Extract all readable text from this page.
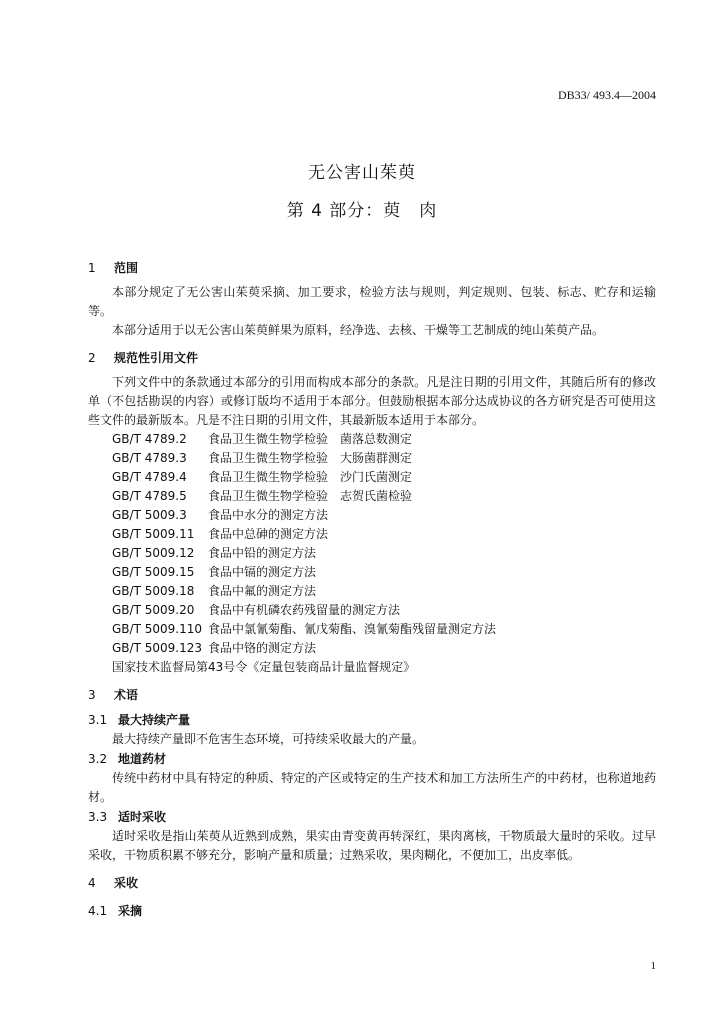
DB33/ 493.4—2004
无公害山茱萸
第 4 部分：萸　肉
1 范围

本部分规定了无公害山茱萸采摘、加工要求，检验方法与规则，判定规则、包装、标志、贮存和运输等。

本部分适用于以无公害山茱萸鲜果为原料，经净选、去核、干燥等工艺制成的纯山茱萸产品。

2 规范性引用文件

下列文件中的条款通过本部分的引用而构成本部分的条款。凡是注日期的引用文件，其随后所有的修改单（不包括勘误的内容）或修订版均不适用于本部分。但鼓励根据本部分达成协议的各方研究是否可使用这些文件的最新版本。凡是不注日期的引用文件，其最新版本适用于本部分。

GB/T 4789.2 食品卫生微生物学检验　菌落总数测定
GB/T 4789.3 食品卫生微生物学检验　大肠菌群测定
GB/T 4789.4 食品卫生微生物学检验　沙门氏菌测定
GB/T 4789.5 食品卫生微生物学检验　志贺氏菌检验
GB/T 5009.3 食品中水分的测定方法
GB/T 5009.11 食品中总砷的测定方法
GB/T 5009.12 食品中铅的测定方法
GB/T 5009.15 食品中镉的测定方法
GB/T 5009.18 食品中氟的测定方法
GB/T 5009.20 食品中有机磷农药残留量的测定方法
GB/T 5009.110 食品中氯氰菊酯、氰戊菊酯、溴氰菊酯残留量测定方法
GB/T 5009.123 食品中铬的测定方法
国家技术监督局第43号令《定量包装商品计量监督规定》
3 术语
3.1 最大持续产量

最大持续产量即不危害生态环境，可持续采收最大的产量。

3.2 地道药材

传统中药材中具有特定的种质、特定的产区或特定的生产技术和加工方法所生产的中药材，也称道地药材。

3.3 适时采收

适时采收是指山茱萸从近熟到成熟，果实由青变黄再转深红，果肉离核，干物质最大量时的采收。过早采收，干物质积累不够充分，影响产量和质量；过熟采收，果肉糊化，不便加工，出皮率低。

4 采收
4.1 采摘
1
